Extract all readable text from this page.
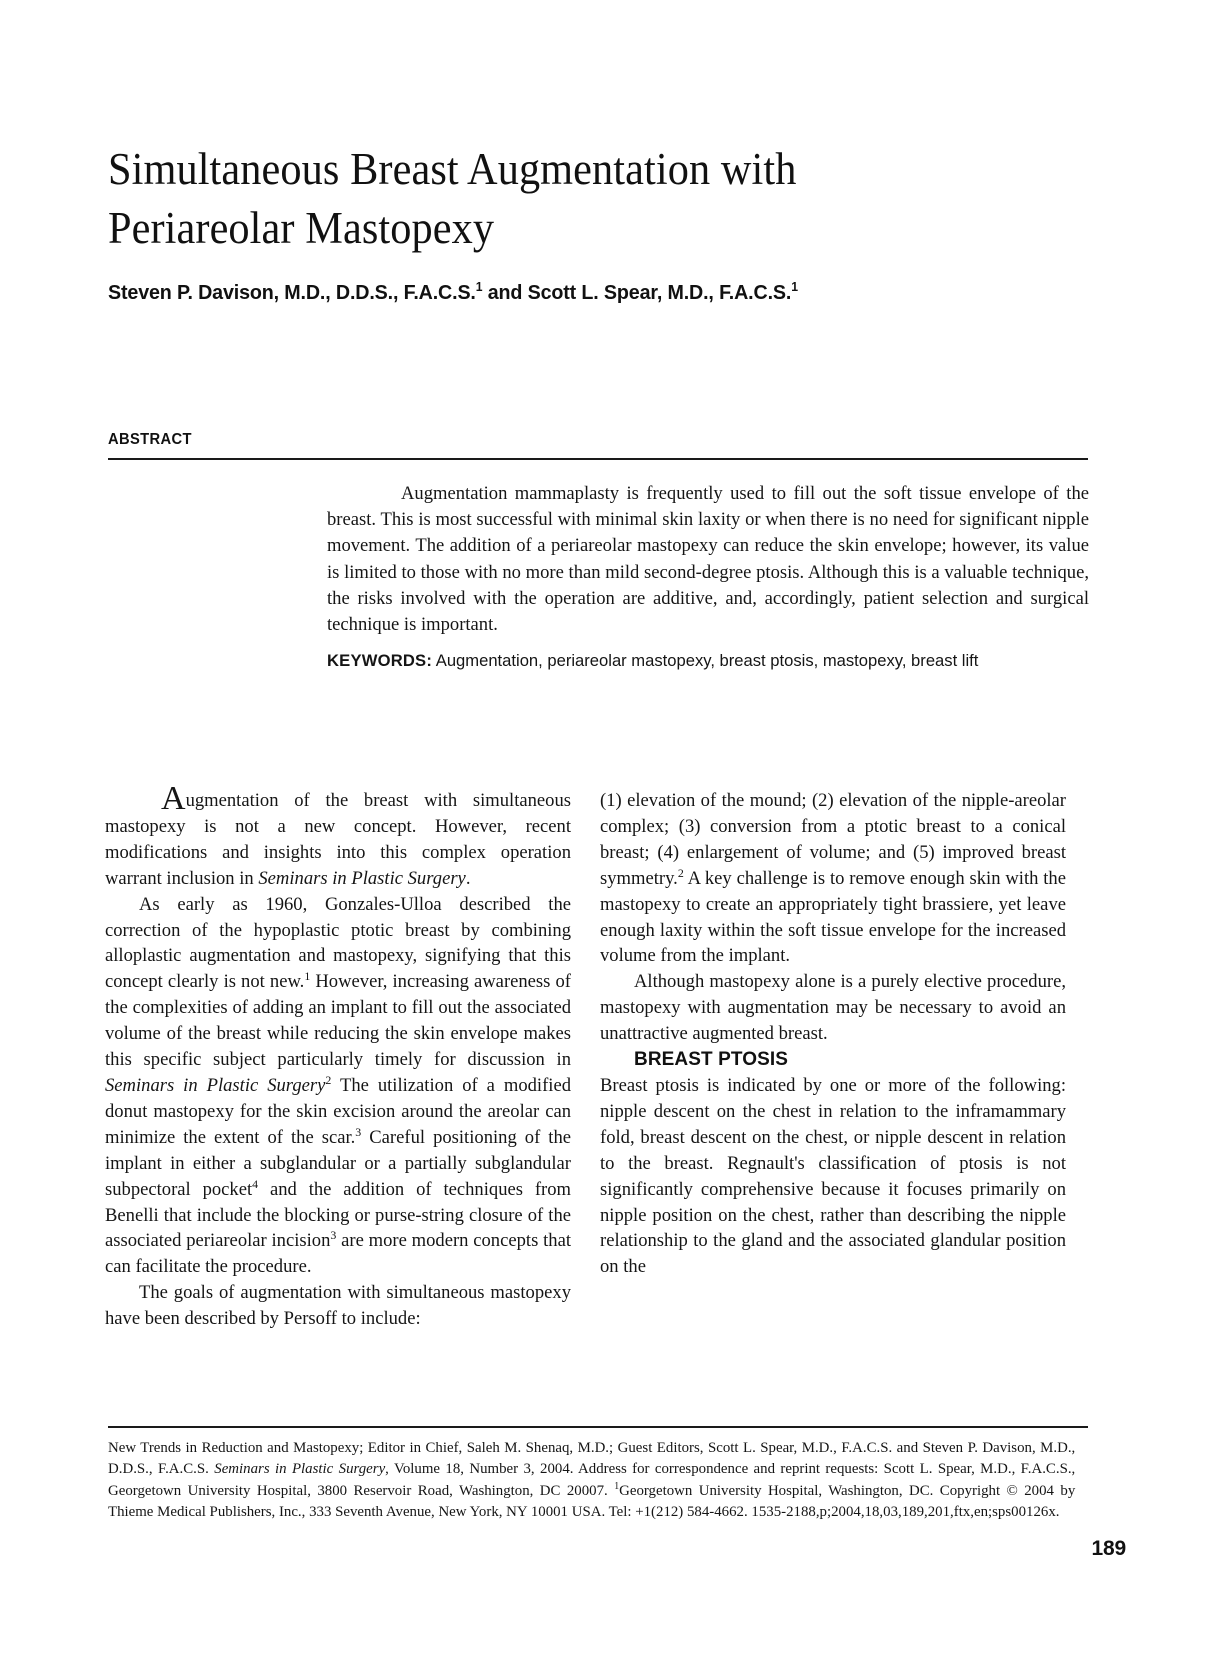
Simultaneous Breast Augmentation with
Periareolar Mastopexy
Steven P. Davison, M.D., D.D.S., F.A.C.S.$^1$ and Scott L. Spear, M.D., F.A.C.S.$^1$
ABSTRACT
Augmentation mammaplasty is frequently used to fill out the soft tissue envelope of the breast. This is most successful with minimal skin laxity or when there is no need for significant nipple movement. The addition of a periareolar mastopexy can reduce the skin envelope; however, its value is limited to those with no more than mild second-degree ptosis. Although this is a valuable technique, the risks involved with the operation are additive, and, accordingly, patient selection and surgical technique is important.
KEYWORDS: Augmentation, periareolar mastopexy, breast ptosis, mastopexy, breast lift

Augmentation of the breast with simultaneous mastopexy is not a new concept. However, recent modifications and insights into this complex operation warrant inclusion in Seminars in Plastic Surgery.

As early as 1960, Gonzales-Ulloa described the correction of the hypoplastic ptotic breast by combining alloplastic augmentation and mastopexy, signifying that this concept clearly is not new.$^1$ However, increasing awareness of the complexities of adding an implant to fill out the associated volume of the breast while reducing the skin envelope makes this specific subject particularly timely for discussion in Seminars in Plastic Surgery$^2$ The utilization of a modified donut mastopexy for the skin excision around the areolar can minimize the extent of the scar.$^3$ Careful positioning of the implant in either a subglandular or a partially subglandular subpectoral pocket$^4$ and the addition of techniques from Benelli that include the blocking or purse-string closure of the associated periareolar incision$^3$ are more modern concepts that can facilitate the procedure.

The goals of augmentation with simultaneous mastopexy have been described by Persoff to include:

(1) elevation of the mound; (2) elevation of the nipple-areolar complex; (3) conversion from a ptotic breast to a conical breast; (4) enlargement of volume; and (5) improved breast symmetry.$^2$ A key challenge is to remove enough skin with the mastopexy to create an appropriately tight brassiere, yet leave enough laxity within the soft tissue envelope for the increased volume from the implant.

Although mastopexy alone is a purely elective procedure, mastopexy with augmentation may be necessary to avoid an unattractive augmented breast.

BREAST PTOSIS

Breast ptosis is indicated by one or more of the following: nipple descent on the chest in relation to the inframammary fold, breast descent on the chest, or nipple descent in relation to the breast. Regnault's classification of ptosis is not significantly comprehensive because it focuses primarily on nipple position on the chest, rather than describing the nipple relationship to the gland and the associated glandular position on the

New Trends in Reduction and Mastopexy; Editor in Chief, Saleh M. Shenaq, M.D.; Guest Editors, Scott L. Spear, M.D., F.A.C.S. and Steven P. Davison, M.D., D.D.S., F.A.C.S. Seminars in Plastic Surgery, Volume 18, Number 3, 2004. Address for correspondence and reprint requests: Scott L. Spear, M.D., F.A.C.S., Georgetown University Hospital, 3800 Reservoir Road, Washington, DC 20007. $^1$Georgetown University Hospital, Washington, DC. Copyright © 2004 by Thieme Medical Publishers, Inc., 333 Seventh Avenue, New York, NY 10001 USA. Tel: +1(212) 584-4662. 1535-2188,p;2004,18,03,189,201,ftx,en;sps00126x.
189
